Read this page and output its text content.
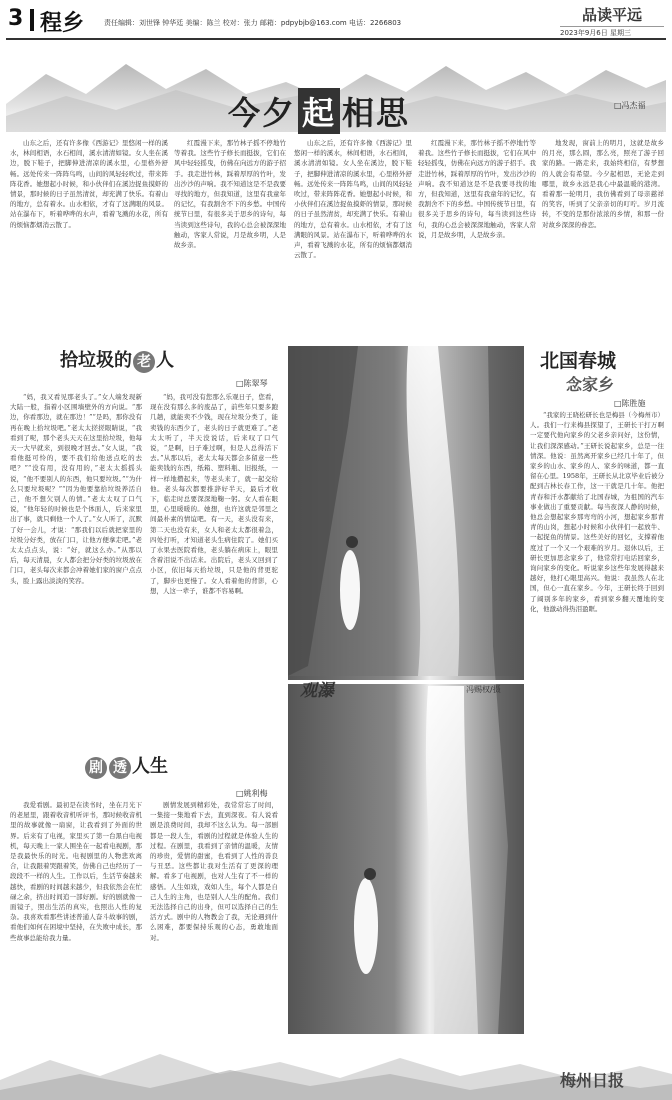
3 程乡	责任编辑：刘世锋 钟华廷 美编：陈兰 校对：张力 邮箱：pdpybjb@163.com 电话：2266803	品读平远
2023年9月6日 星期三
今夕 起 相思	□冯杰福

山东之后，还有许多像《西游记》里悠闲一样的溪水，林间相语，水石相间，溪水清清如镜。女人坐在溪边，脱下鞋子，把脚伸进清凉的溪水里，心里格外舒畅。远处传来一阵阵鸟鸣，山间的风轻轻吹过，带来阵阵花香。她想起小时候，和小伙伴们在溪边捉鱼摸虾的情景，那时候的日子虽然清贫，却充满了快乐。有着山的地方，总有着水。山水相依，才有了这满眼的风景。站在瀑布下，听着哗哗的水声，看着飞溅的水花，所有的烦恼都烟消云散了。

红霞漫下来，那竹林子摇不停地竹等着我。这些竹子修长而挺拔，它们在风中轻轻摇曳，仿佛在向远方的游子招手。我走进竹林，踩着厚厚的竹叶，发出沙沙的声响。我不知道这是不是我要寻找的地方，但我知道，这里有我童年的记忆，有我割舍不下的乡愁。中国传统节日里，有很多关于思乡的诗句，每当读到这些诗句，我的心总会被深深地触动，客家人常说，月是故乡明，人是故乡亲。

山东之后，还有许多像《西游记》里悠闲一样的溪水，林间相语，水石相间，溪水清清如镜。女人坐在溪边，脱下鞋子，把脚伸进清凉的溪水里，心里格外舒畅。远处传来一阵阵鸟鸣，山间的风轻轻吹过，带来阵阵花香。她想起小时候，和小伙伴们在溪边捉鱼摸虾的情景，那时候的日子虽然清贫，却充满了快乐。有着山的地方，总有着水。山水相依，才有了这满眼的风景。站在瀑布下，听着哗哗的水声，看着飞溅的水花，所有的烦恼都烟消云散了。

红霞漫下来，那竹林子摇不停地竹等着我。这些竹子修长而挺拔，它们在风中轻轻摇曳，仿佛在向远方的游子招手。我走进竹林，踩着厚厚的竹叶，发出沙沙的声响。我不知道这是不是我要寻找的地方，但我知道，这里有我童年的记忆，有我割舍不下的乡愁。中国传统节日里，有很多关于思乡的诗句，每当读到这些诗句，我的心总会被深深地触动，客家人常说，月是故乡明，人是故乡亲。

地发现，窗前上的明月，这就是故乡的月亮，那么圆，那么亮，照亮了游子回家的路。一路走来，我始终相信，有梦想的人就会有希望。今夕起相思，无论走到哪里，故乡永远是我心中最温暖的港湾。看着那一轮明月，我仿佛看到了母亲慈祥的笑容，听到了父亲亲切的叮咛。岁月流转，不变的是那份浓浓的乡情，和那一份对故乡深深的眷恋。

拾垃圾的 老 人
□陈翠琴

“妈，我又看见那老头了。”女人端发现新大陆一般，指着小区围墙壁外的方向说。“那边，你看那边，就在那边！”“是吗，那你没有再在晚上拾垃圾吧。”老太太搓搓眼睛说，“我看到了呢，那个老头天天在这里拾垃圾，他每天一大早就来，到很晚才回去。”女人说，“我看他挺可怜的，要不我们给他送点吃的去吧？”“没有用，没有用的，”老太太摇摇头说，“他不要别人的东西，他只要垃圾。”“为什么只要垃圾呢？”“因为他要靠拾垃圾养活自己，他不想欠别人的情。”老太太叹了口气说，“他年轻的时候也是个体面人，后来家里出了事，就只剩他一个人了。”女人听了，沉默了好一会儿，才说：“那我们以后就把家里的垃圾分好类，放在门口，让他方便拿走吧。”老太太点点头，说：“好，就这么办。”从那以后，每天清晨，女人都会把分好类的垃圾放在门口，老头每次来都会冲着她们家的窗户点点头，脸上露出淡淡的笑容。

“妈，我可没有您那么乐观日子，您看，现在没有那么多的废品了，前些年只要多跑几趟，就能卖不少钱，现在垃圾分类了，能卖钱的东西少了，老头的日子就更难了。”老太太听了，半天没说话，后来叹了口气说，“是啊，日子难过啊，但是人总得活下去。”从那以后，老太太每天都会多留意一些能卖钱的东西，纸箱、塑料瓶、旧报纸，一样一样地攒起来，等老头来了，就一起交给他。老头每次都要推辞好半天，最后才收下，临走时总要深深地鞠一躬。女人看在眼里，心里暖暖的。她想，也许这就是邻里之间最朴素的情谊吧。有一天，老头没有来，第二天也没有来，女人和老太太都很着急，四处打听，才知道老头生病住院了。她们买了水果去医院看他，老头躺在病床上，眼里含着泪说不出话来。出院后，老头又回到了小区，依旧每天拾垃圾，只是他的背更驼了，脚步也更慢了。女人看着他的背影，心想，人这一辈子，谁都不容易啊。

剧 透 人生
□姚利梅

我爱看剧。最初是在读书时，坐在月光下的老屋里，跟着收音机听评书，那时候收音机里的故事就像一扇窗，让我看到了外面的世界。后来有了电视，家里买了第一台黑白电视机，每天晚上一家人围坐在一起看电视剧，那是我最快乐的时光。电视剧里的人物悲欢离合，让我跟着哭跟着笑，仿佛自己也经历了一段段不一样的人生。工作以后，生活节奏越来越快，看剧的时间越来越少，但我依然会在忙碌之余，挤出时间追一部好剧。好的剧就像一面镜子，照出生活的真实，也照出人性的复杂。我喜欢看那些讲述普通人奋斗故事的剧，看他们如何在困境中坚持，在失败中成长，那些故事总能给我力量。

剧情发展到精彩处，我常常忘了时间，一集接一集地看下去，直到深夜。有人说看剧是浪费时间，我却不这么认为。每一部剧都是一段人生，看剧的过程就是体验人生的过程。在剧里，我看到了亲情的温暖，友情的珍贵，爱情的甜蜜，也看到了人性的善良与丑恶。这些都让我对生活有了更深的理解。看多了电视剧，也对人生有了不一样的感悟。人生如戏，戏如人生，每个人都是自己人生的主角，也是别人人生的配角。我们无法选择自己的出身，但可以选择自己的生活方式。剧中的人物教会了我，无论遇到什么困难，都要保持乐观的心态，勇敢地面对。

观瀑	冯赐权/摄
北国春城
念家乡
□陈胜施

“我家的王晓松研长也是梅县（今梅州市）人。我们一行来梅县探望了，王研长干打万啊一定要代他向家乡的父老乡亲问好，这份情，让我们深深感动。”王研长说起家乡，总是一往情深。他说：虽然离开家乡已经几十年了，但家乡的山水、家乡的人、家乡的味道，都一直留在心里。1958年，王研长从北京毕业后被分配到吉林长春工作，这一干就是几十年。他把青春和汗水都献给了北国春城，为祖国的汽车事业做出了重要贡献。每当夜深人静的时候，他总会想起家乡那弯弯的小河，想起家乡那青青的山岗，想起小时候和小伙伴们一起放牛、一起捉鱼的情景。这些美好的回忆，支撑着他度过了一个又一个艰难的岁月。退休以后，王研长更加思念家乡了，他常常打电话回家乡，询问家乡的变化。听说家乡这些年发展得越来越好，他打心眼里高兴。他说：我虽然人在北国，但心一直在家乡。今年，王研长终于回到了阔别多年的家乡，看到家乡翻天覆地的变化，他激动得热泪盈眶。

梅州日报
